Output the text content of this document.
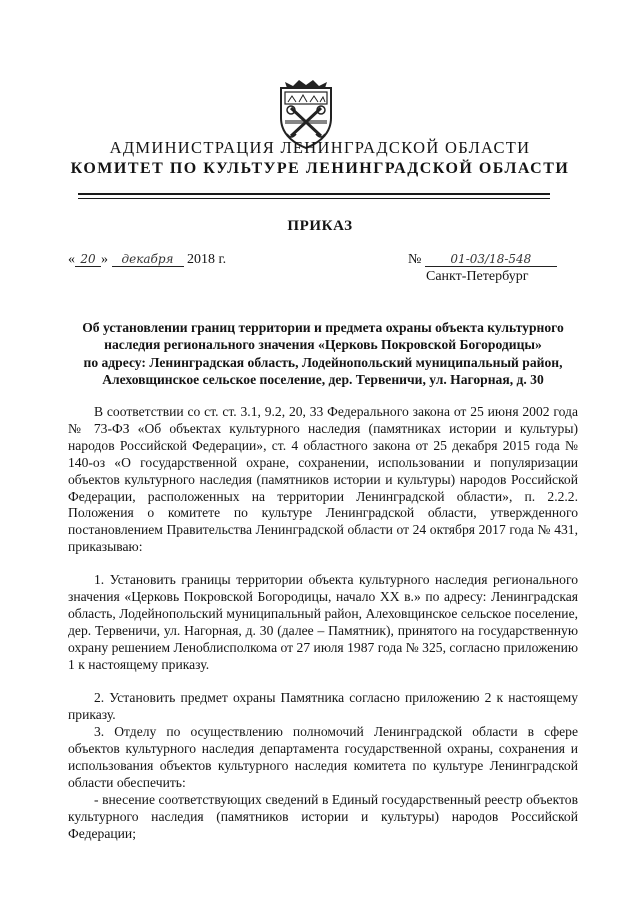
АДМИНИСТРАЦИЯ ЛЕНИНГРАДСКОЙ ОБЛАСТИ
КОМИТЕТ ПО КУЛЬТУРЕ ЛЕНИНГРАДСКОЙ ОБЛАСТИ
ПРИКАЗ
« 20 » декабря 2018 г.	№ 01-03/18-548
Санкт-Петербург
Об установлении границ территории и предмета охраны объекта культурного
наследия регионального значения «Церковь Покровской Богородицы»
по адресу: Ленинградская область, Лодейнопольский муниципальный район,
Алеховщинское сельское поселение, дер. Тервеничи, ул. Нагорная, д. 30

В соответствии со ст. ст. 3.1, 9.2, 20, 33 Федерального закона от 25 июня 2002 года № 73-ФЗ «Об объектах культурного наследия (памятниках истории и культуры) народов Российской Федерации», ст. 4 областного закона от 25 декабря 2015 года № 140-оз «О государственной охране, сохранении, использовании и популяризации объектов культурного наследия (памятников истории и культуры) народов Российской Федерации, расположенных на территории Ленинградской области», п. 2.2.2. Положения о комитете по культуре Ленинградской области, утвержденного постановлением Правительства Ленинградской области от 24 октября 2017 года № 431, приказываю:

1. Установить границы территории объекта культурного наследия регионального значения «Церковь Покровской Богородицы, начало XX в.» по адресу: Ленинградская область, Лодейнопольский муниципальный район, Алеховщинское сельское поселение, дер. Тервеничи, ул. Нагорная, д. 30 (далее – Памятник), принятого на государственную охрану решением Леноблисполкома от 27 июля 1987 года № 325, согласно приложению 1 к настоящему приказу.

2. Установить предмет охраны Памятника согласно приложению 2 к настоящему приказу.

3. Отделу по осуществлению полномочий Ленинградской области в сфере объектов культурного наследия департамента государственной охраны, сохранения и использования объектов культурного наследия комитета по культуре Ленинградской области обеспечить:

- внесение соответствующих сведений в Единый государственный реестр объектов культурного наследия (памятников истории и культуры) народов Российской Федерации;
